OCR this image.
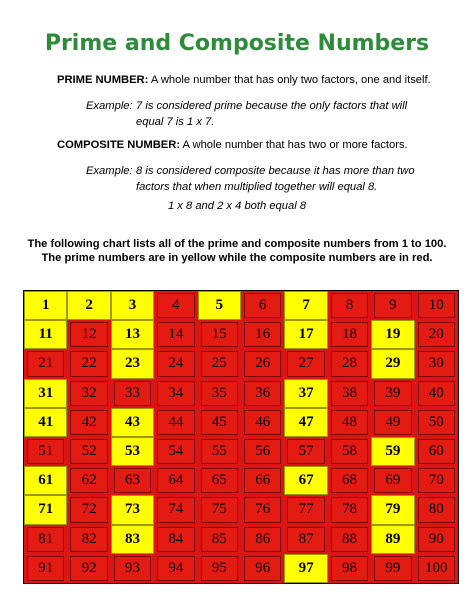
Prime and Composite Numbers
PRIME NUMBER: A whole number that has only two factors, one and itself.
Example: 7 is considered prime because the only factors that will
equal 7 is 1 x 7.
COMPOSITE NUMBER: A whole number that has two or more factors.
Example: 8 is considered composite because it has more than two
factors that when multiplied together will equal 8.
1 x 8 and 2 x 4 both equal 8
The following chart lists all of the prime and composite numbers from 1 to 100.
The prime numbers are in yellow while the composite numbers are in red.
1	2	3	4	5	6	7	8	9	10
11	12	13	14	15	16	17	18	19	20
21	22	23	24	25	26	27	28	29	30
31	32	33	34	35	36	37	38	39	40
41	42	43	44	45	46	47	48	49	50
51	52	53	54	55	56	57	58	59	60
61	62	63	64	65	66	67	68	69	70
71	72	73	74	75	76	77	78	79	80
81	82	83	84	85	86	87	88	89	90
91	92	93	94	95	96	97	98	99	100
